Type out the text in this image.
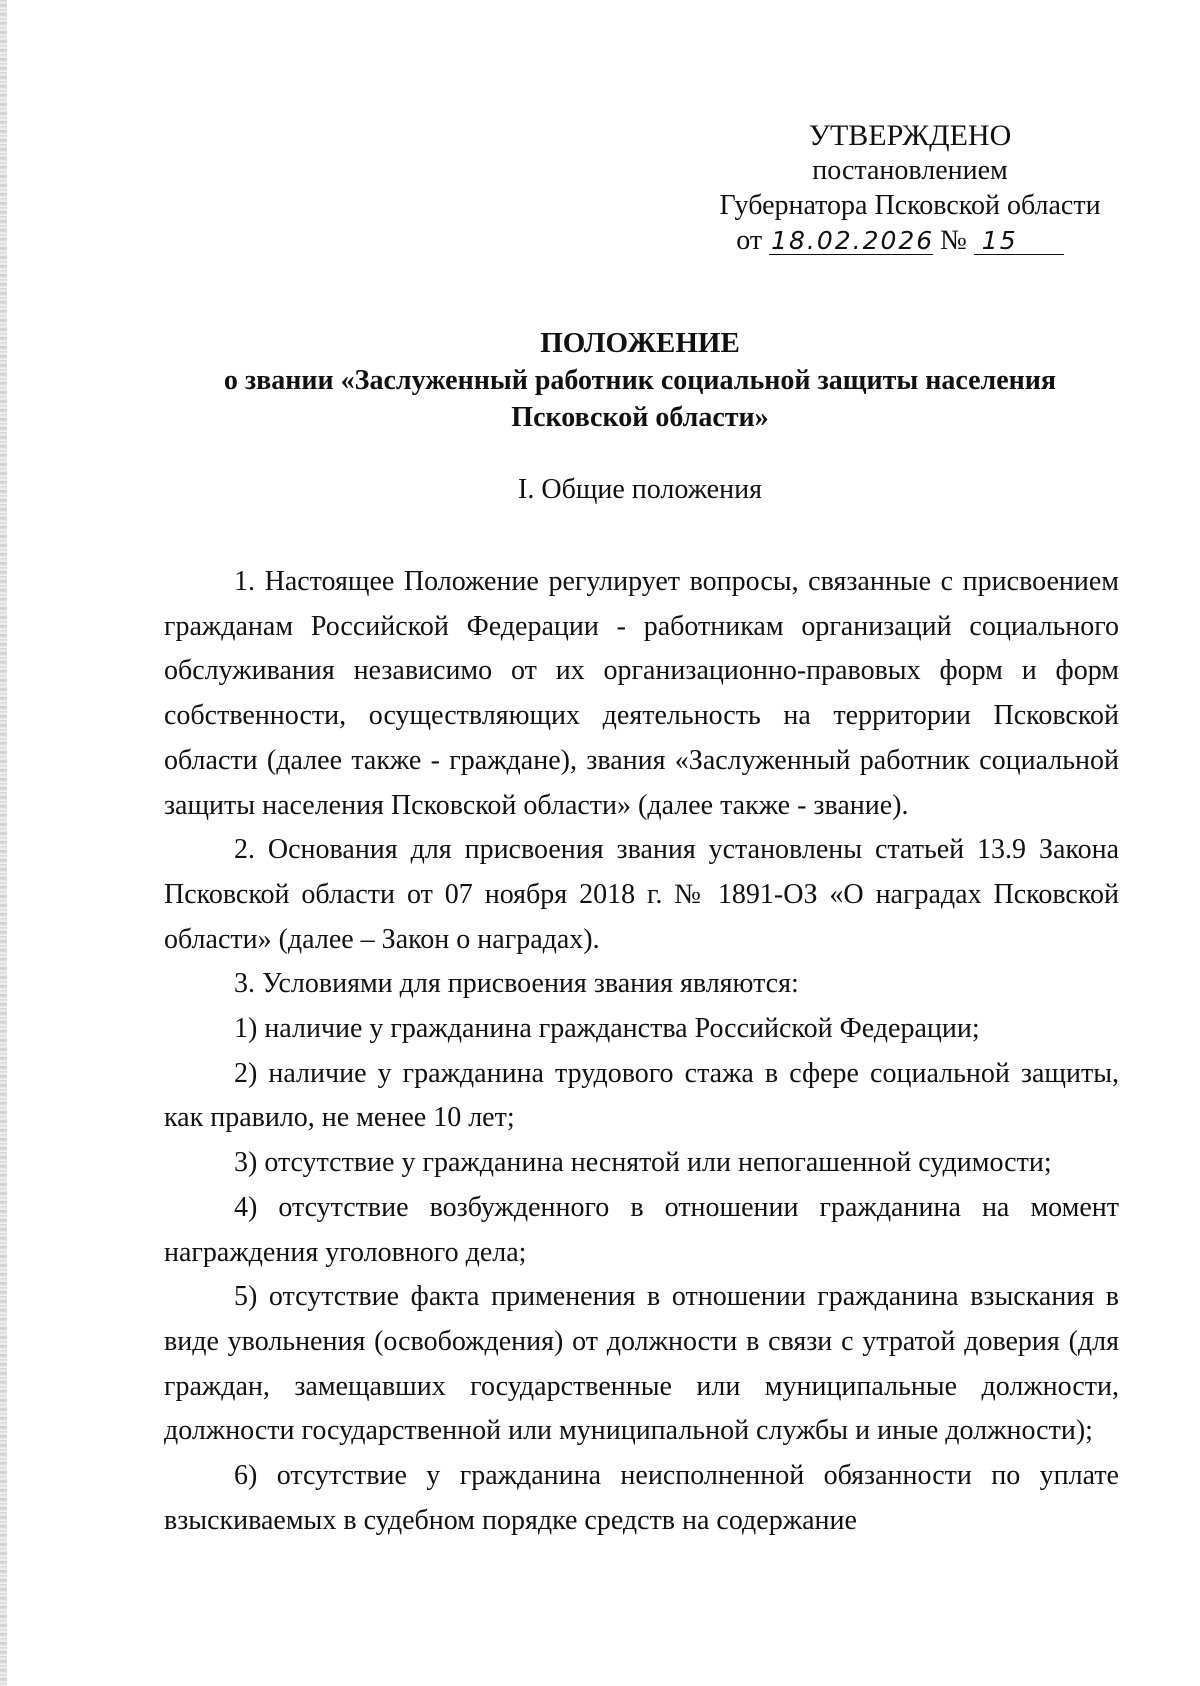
УТВЕРЖДЕНО
постановлением
Губернатора Псковской области
от 18.02.2026 № 15
ПОЛОЖЕНИЕ
о звании «Заслуженный работник социальной защиты населения
Псковской области»
I. Общие положения

1. Настоящее Положение регулирует вопросы, связанные с присвоением гражданам Российской Федерации - работникам организаций социального обслуживания независимо от их организационно-правовых форм и форм собственности, осуществляющих деятельность на территории Псковской области (далее также - граждане), звания «Заслуженный работник социальной защиты населения Псковской области» (далее также - звание).

2. Основания для присвоения звания установлены статьей 13.9 Закона Псковской области от 07 ноября 2018 г. № 1891-ОЗ «О наградах Псковской области» (далее – Закон о наградах).

3. Условиями для присвоения звания являются:

1) наличие у гражданина гражданства Российской Федерации;

2) наличие у гражданина трудового стажа в сфере социальной защиты, как правило, не менее 10 лет;

3) отсутствие у гражданина неснятой или непогашенной судимости;

4) отсутствие возбужденного в отношении гражданина на момент награждения уголовного дела;

5) отсутствие факта применения в отношении гражданина взыскания в виде увольнения (освобождения) от должности в связи с утратой доверия (для граждан, замещавших государственные или муниципальные должности, должности государственной или муниципальной службы и иные должности);

6) отсутствие у гражданина неисполненной обязанности по уплате взыскиваемых в судебном порядке средств на содержание
